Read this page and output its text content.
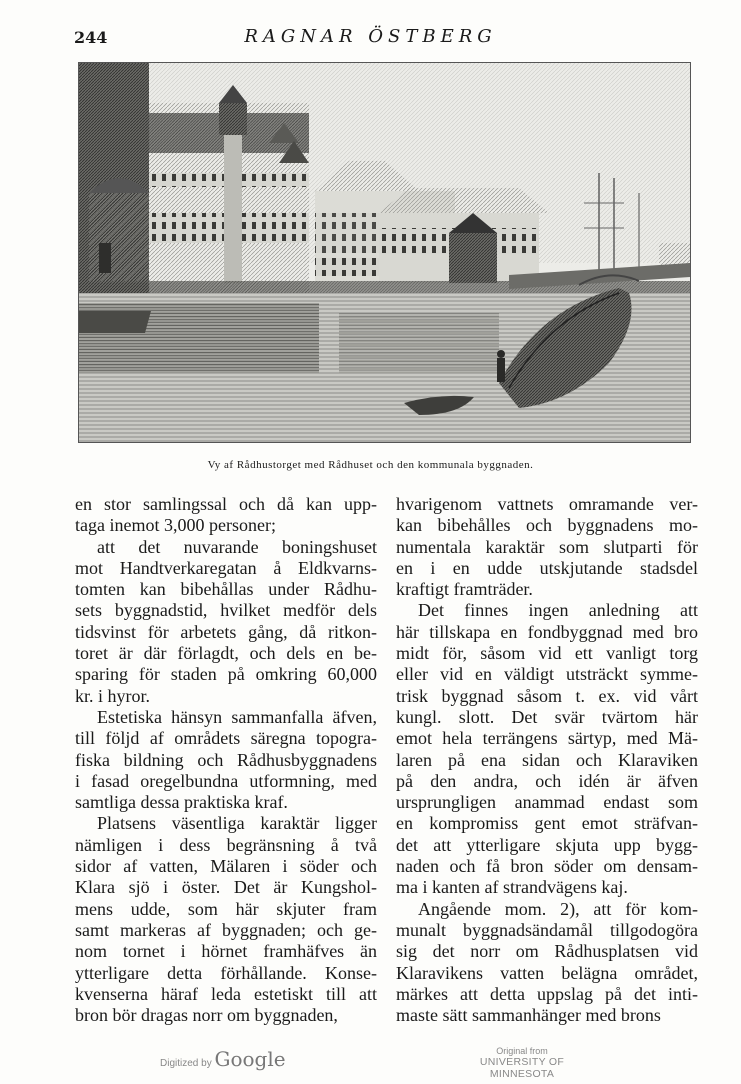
244	RAGNAR ÖSTBERG
Vy af Rådhustorget med Rådhuset och den kommunala byggnaden.

en stor samlingssal och då kan upp-
taga inemot 3,000 personer;

att det nuvarande boningshuset
mot Handtverkaregatan å Eldkvarns-
tomten kan bibehållas under Rådhu-
sets byggnadstid, hvilket medför dels
tidsvinst för arbetets gång, då ritkon-
toret är där förlagdt, och dels en be-
sparing för staden på omkring 60,000
kr. i hyror.

Estetiska hänsyn sammanfalla äfven,
till följd af områdets säregna topogra-
fiska bildning och Rådhusbyggnadens
i fasad oregelbundna utformning, med
samtliga dessa praktiska kraf.

Platsens väsentliga karaktär ligger
nämligen i dess begränsning å två
sidor af vatten, Mälaren i söder och
Klara sjö i öster. Det är Kungshol-
mens udde, som här skjuter fram
samt markeras af byggnaden; och ge-
nom tornet i hörnet framhäfves än
ytterligare detta förhållande. Konse-
kvenserna häraf leda estetiskt till att
bron bör dragas norr om byggnaden,

hvarigenom vattnets omramande ver-
kan bibehålles och byggnadens mo-
numentala karaktär som slutparti för
en i en udde utskjutande stadsdel
kraftigt framträder.

Det finnes ingen anledning att
här tillskapa en fondbyggnad med bro
midt för, såsom vid ett vanligt torg
eller vid en väldigt utsträckt symme-
trisk byggnad såsom t. ex. vid vårt
kungl. slott. Det svär tvärtom här
emot hela terrängens särtyp, med Mä-
laren på ena sidan och Klaraviken
på den andra, och idén är äfven
ursprungligen anammad endast som
en kompromiss gent emot sträfvan-
det att ytterligare skjuta upp bygg-
naden och få bron söder om densam-
ma i kanten af strandvägens kaj.

Angående mom. 2), att för kom-
munalt byggnadsändamål tillgodogöra
sig det norr om Rådhusplatsen vid
Klaravikens vatten belägna området,
märkes att detta uppslag på det inti-
maste sätt sammanhänger med brons

Digitized by Google	Original from
UNIVERSITY OF MINNESOTA
